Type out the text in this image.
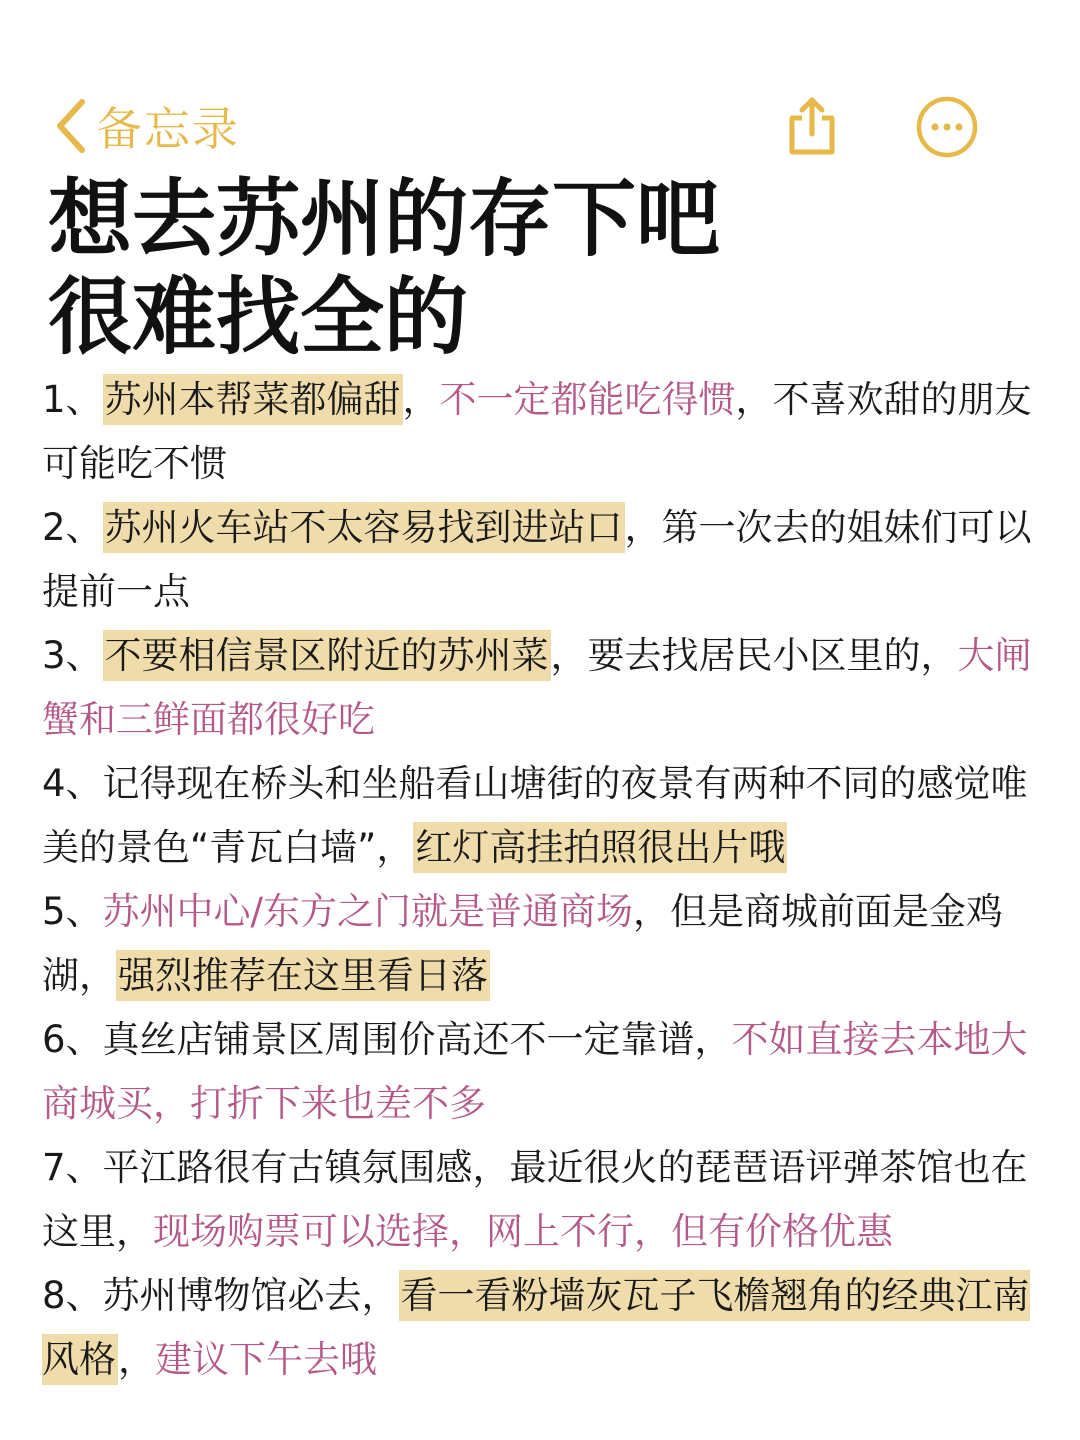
备忘录
想去苏州的存下吧
很难找全的

1、苏州本帮菜都偏甜，不一定都能吃得惯，不喜欢甜的朋友可能吃不惯

2、苏州火车站不太容易找到进站口，第一次去的姐妹们可以提前一点

3、不要相信景区附近的苏州菜，要去找居民小区里的，大闸蟹和三鲜面都很好吃

4、记得现在桥头和坐船看山塘街的夜景有两种不同的感觉唯美的景色“青瓦白墙”，红灯高挂拍照很出片哦

5、苏州中心/东方之门就是普通商场，但是商城前面是金鸡湖，强烈推荐在这里看日落

6、真丝店铺景区周围价高还不一定靠谱，不如直接去本地大商城买，打折下来也差不多

7、平江路很有古镇氛围感，最近很火的琵琶语评弹茶馆也在这里，现场购票可以选择，网上不行，但有价格优惠

8、苏州博物馆必去，看一看粉墙灰瓦子飞檐翘角的经典江南风格，建议下午去哦
